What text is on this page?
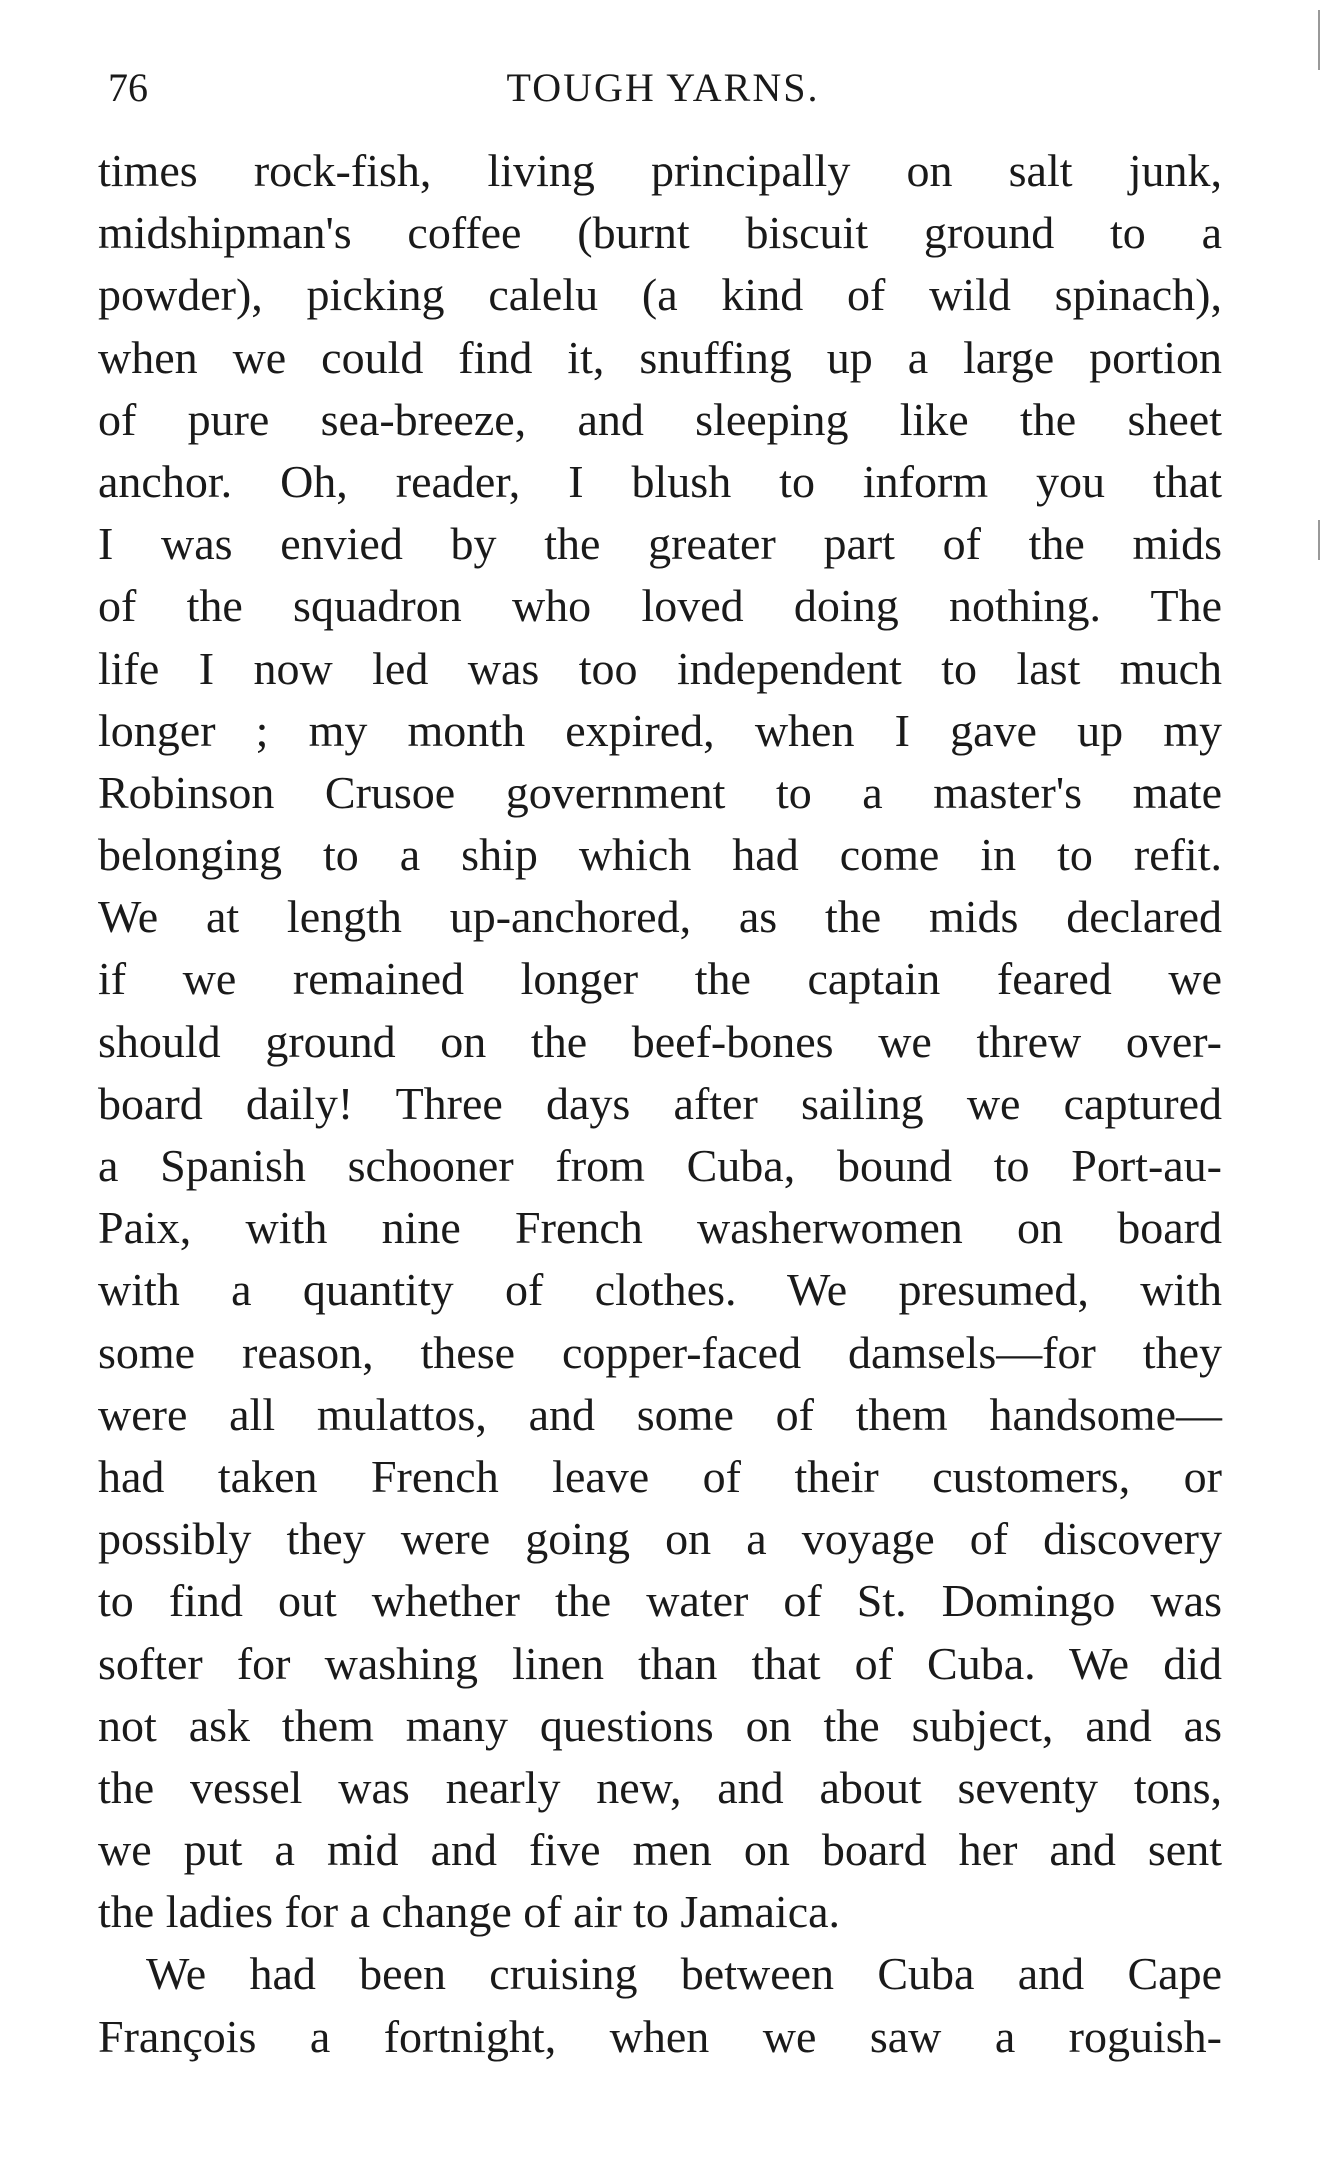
76	TOUGH YARNS.
times rock-fish, living principally on salt junk,
midshipman's coffee (burnt biscuit ground to a
powder), picking calelu (a kind of wild spinach),
when we could find it, snuffing up a large portion
of pure sea-breeze, and sleeping like the sheet
anchor. Oh, reader, I blush to inform you that
I was envied by the greater part of the mids
of the squadron who loved doing nothing. The
life I now led was too independent to last much
longer ; my month expired, when I gave up my
Robinson Crusoe government to a master's mate
belonging to a ship which had come in to refit.
We at length up-anchored, as the mids declared
if we remained longer the captain feared we
should ground on the beef-bones we threw over-
board daily! Three days after sailing we captured
a Spanish schooner from Cuba, bound to Port-au-
Paix, with nine French washerwomen on board
with a quantity of clothes. We presumed, with
some reason, these copper-faced damsels—for they
were all mulattos, and some of them handsome—
had taken French leave of their customers, or
possibly they were going on a voyage of discovery
to find out whether the water of St. Domingo was
softer for washing linen than that of Cuba. We did
not ask them many questions on the subject, and as
the vessel was nearly new, and about seventy tons,
we put a mid and five men on board her and sent
the ladies for a change of air to Jamaica.
We had been cruising between Cuba and Cape
François a fortnight, when we saw a roguish-
